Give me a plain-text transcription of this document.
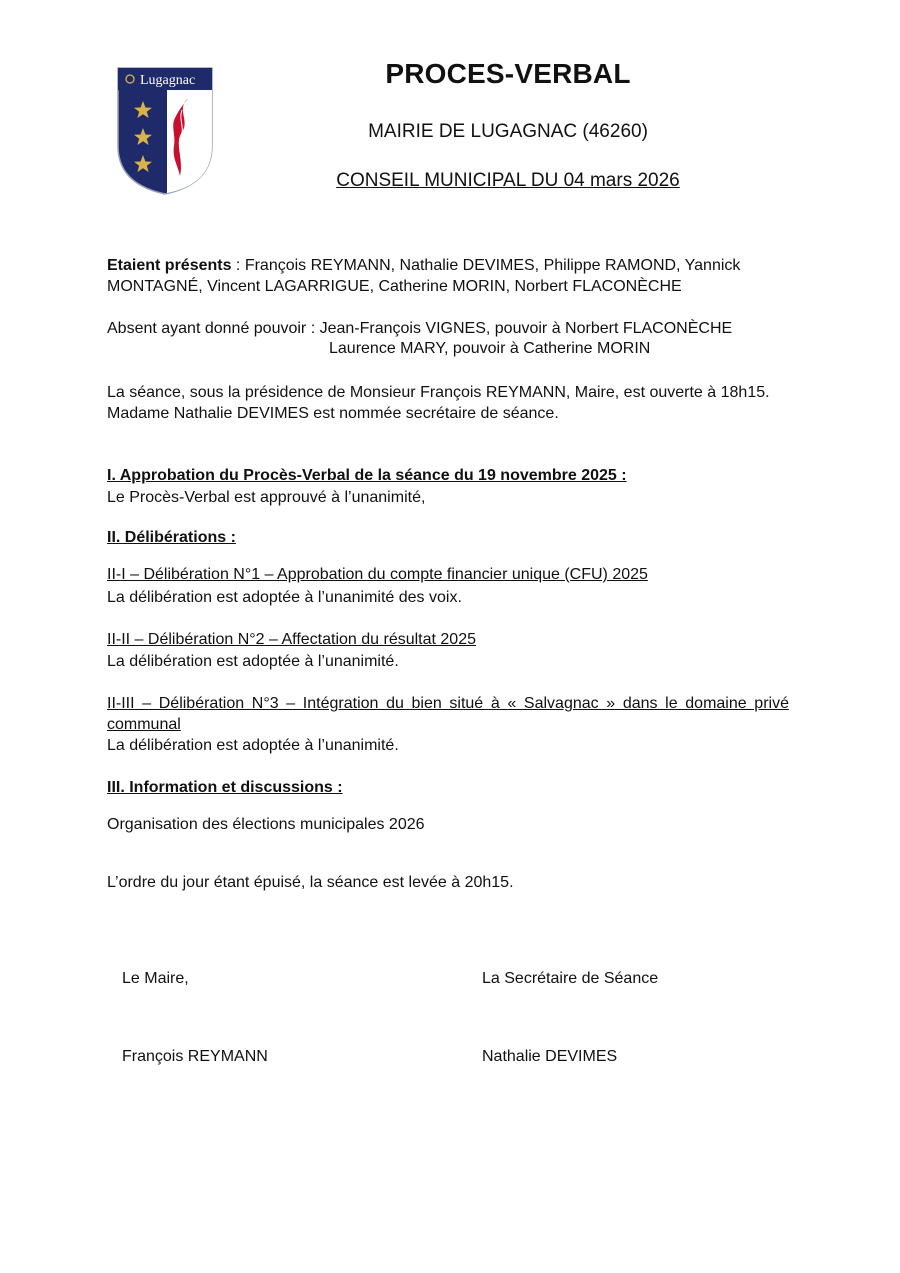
Lugagnac	PROCES-VERBAL
MAIRIE DE LUGAGNAC (46260)
CONSEIL MUNICIPAL DU 04 mars 2026
Etaient présents : François REYMANN, Nathalie DEVIMES, Philippe RAMOND, Yannick
MONTAGNÉ, Vincent LAGARRIGUE, Catherine MORIN, Norbert FLACONÈCHE
Absent ayant donné pouvoir : Jean-François VIGNES, pouvoir à Norbert FLACONÈCHE
Laurence MARY, pouvoir à Catherine MORIN
La séance, sous la présidence de Monsieur François REYMANN, Maire, est ouverte à 18h15.
Madame Nathalie DEVIMES est nommée secrétaire de séance.
I. Approbation du Procès-Verbal de la séance du 19 novembre 2025 :
Le Procès-Verbal est approuvé à l’unanimité,
II. Délibérations :
II-I – Délibération N°1 – Approbation du compte financier unique (CFU) 2025
La délibération est adoptée à l’unanimité des voix.
II-II – Délibération N°2 – Affectation du résultat 2025
La délibération est adoptée à l’unanimité.
II-III – Délibération N°3 – Intégration du bien situé à « Salvagnac » dans le domaine privé
communal
La délibération est adoptée à l’unanimité.
III. Information et discussions :
Organisation des élections municipales 2026
L’ordre du jour étant épuisé, la séance est levée à 20h15.
Le Maire,	La Secrétaire de Séance
François REYMANN	Nathalie DEVIMES
